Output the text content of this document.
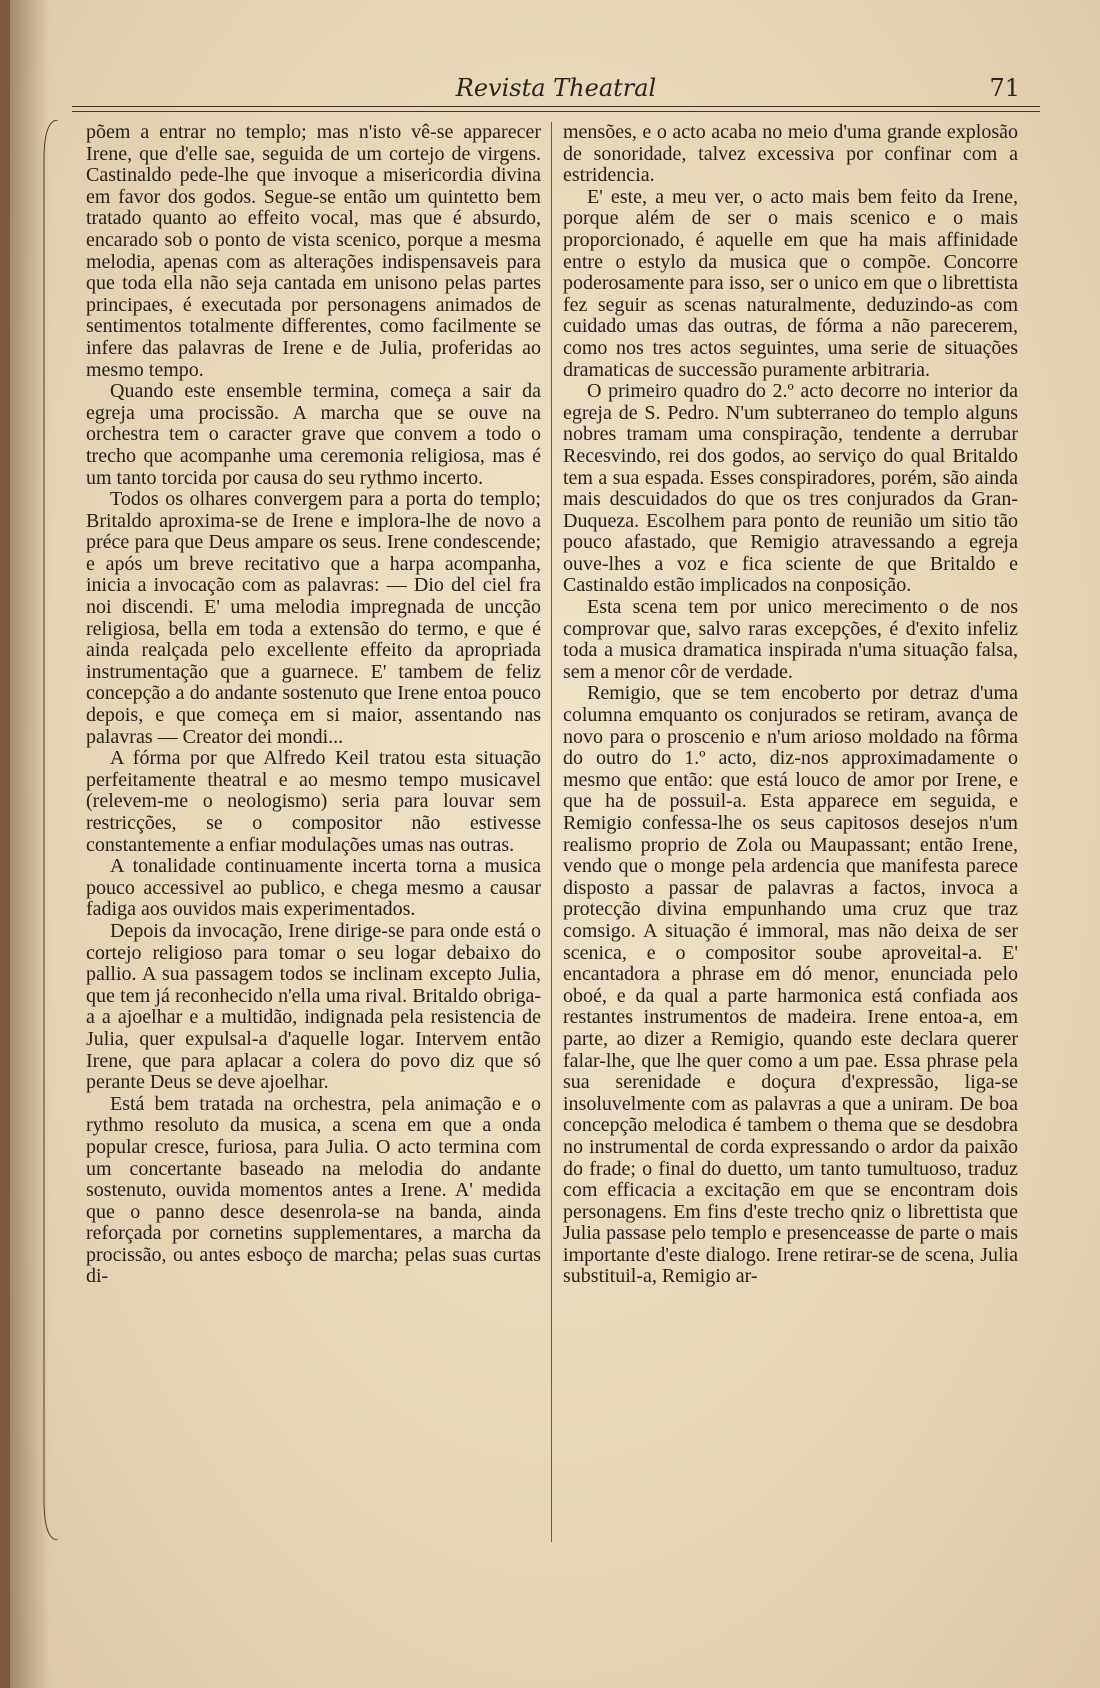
Revista Theatral	71

põem a entrar no templo; mas n'isto vê-se apparecer Irene, que d'elle sae, seguida de um cortejo de virgens. Castinaldo pede-lhe que invoque a misericordia divina em favor dos godos. Segue-se então um quintetto bem tratado quanto ao effeito vocal, mas que é absurdo, encarado sob o ponto de vista scenico, porque a mesma melodia, apenas com as alterações indispensaveis para que toda ella não seja cantada em unisono pelas partes principaes, é executada por personagens animados de sentimentos totalmente differentes, como facilmente se infere das palavras de Irene e de Julia, proferidas ao mesmo tempo.

Quando este ensemble termina, começa a sair da egreja uma procissão. A marcha que se ouve na orchestra tem o caracter grave que convem a todo o trecho que acompanhe uma ceremonia religiosa, mas é um tanto torcida por causa do seu rythmo incerto.

Todos os olhares convergem para a porta do templo; Britaldo aproxima-se de Irene e implora-lhe de novo a préce para que Deus ampare os seus. Irene condescende; e após um breve recitativo que a harpa acompanha, inicia a invocação com as palavras: — Dio del ciel fra noi discendi. E' uma melodia impregnada de uncção religiosa, bella em toda a extensão do termo, e que é ainda realçada pelo excellente effeito da apropriada instrumentação que a guarnece. E' tambem de feliz concepção a do andante sostenuto que Irene entoa pouco depois, e que começa em si maior, assentando nas palavras — Creator dei mondi...

A fórma por que Alfredo Keil tratou esta situação perfeitamente theatral e ao mesmo tempo musicavel (relevem-me o neologismo) seria para louvar sem restricções, se o compositor não estivesse constantemente a enfiar modulações umas nas outras.

A tonalidade continuamente incerta torna a musica pouco accessivel ao publico, e chega mesmo a causar fadiga aos ouvidos mais experimentados.

Depois da invocação, Irene dirige-se para onde está o cortejo religioso para tomar o seu logar debaixo do pallio. A sua passagem todos se inclinam excepto Julia, que tem já reconhecido n'ella uma rival. Britaldo obriga-a a ajoelhar e a multidão, indignada pela resistencia de Julia, quer expulsal-a d'aquelle logar. Intervem então Irene, que para aplacar a colera do povo diz que só perante Deus se deve ajoelhar.

Está bem tratada na orchestra, pela animação e o rythmo resoluto da musica, a scena em que a onda popular cresce, furiosa, para Julia. O acto termina com um concertante baseado na melodia do andante sostenuto, ouvida momentos antes a Irene. A' medida que o panno desce desenrola-se na banda, ainda reforçada por cornetins supplementares, a marcha da procissão, ou antes esboço de marcha; pelas suas curtas di-

mensões, e o acto acaba no meio d'uma grande explosão de sonoridade, talvez excessiva por confinar com a estridencia.

E' este, a meu ver, o acto mais bem feito da Irene, porque além de ser o mais scenico e o mais proporcionado, é aquelle em que ha mais affinidade entre o estylo da musica que o compõe. Concorre poderosamente para isso, ser o unico em que o librettista fez seguir as scenas naturalmente, deduzindo-as com cuidado umas das outras, de fórma a não parecerem, como nos tres actos seguintes, uma serie de situações dramaticas de successão puramente arbitraria.

O primeiro quadro do 2.º acto decorre no interior da egreja de S. Pedro. N'um subterraneo do templo alguns nobres tramam uma conspiração, tendente a derrubar Recesvindo, rei dos godos, ao serviço do qual Britaldo tem a sua espada. Esses conspiradores, porém, são ainda mais descuidados do que os tres conjurados da Gran-Duqueza. Escolhem para ponto de reunião um sitio tão pouco afastado, que Remigio atravessando a egreja ouve-lhes a voz e fica sciente de que Britaldo e Castinaldo estão implicados na conposição.

Esta scena tem por unico merecimento o de nos comprovar que, salvo raras excepções, é d'exito infeliz toda a musica dramatica inspirada n'uma situação falsa, sem a menor côr de verdade.

Remigio, que se tem encoberto por detraz d'uma columna emquanto os conjurados se retiram, avança de novo para o proscenio e n'um arioso moldado na fôrma do outro do 1.º acto, diz-nos approximadamente o mesmo que então: que está louco de amor por Irene, e que ha de possuil-a. Esta apparece em seguida, e Remigio confessa-lhe os seus capitosos desejos n'um realismo proprio de Zola ou Maupassant; então Irene, vendo que o monge pela ardencia que manifesta parece disposto a passar de palavras a factos, invoca a protecção divina empunhando uma cruz que traz comsigo. A situação é immoral, mas não deixa de ser scenica, e o compositor soube aproveital-a. E' encantadora a phrase em dó menor, enunciada pelo oboé, e da qual a parte harmonica está confiada aos restantes instrumentos de madeira. Irene entoa-a, em parte, ao dizer a Remigio, quando este declara querer falar-lhe, que lhe quer como a um pae. Essa phrase pela sua serenidade e doçura d'expressão, liga-se insoluvelmente com as palavras a que a uniram. De boa concepção melodica é tambem o thema que se desdobra no instrumental de corda expressando o ardor da paixão do frade; o final do duetto, um tanto tumultuoso, traduz com efficacia a excitação em que se encontram dois personagens. Em fins d'este trecho qniz o librettista que Julia passase pelo templo e presenceasse de parte o mais importante d'este dialogo. Irene retirar-se de scena, Julia substituil-a, Remigio ar-
